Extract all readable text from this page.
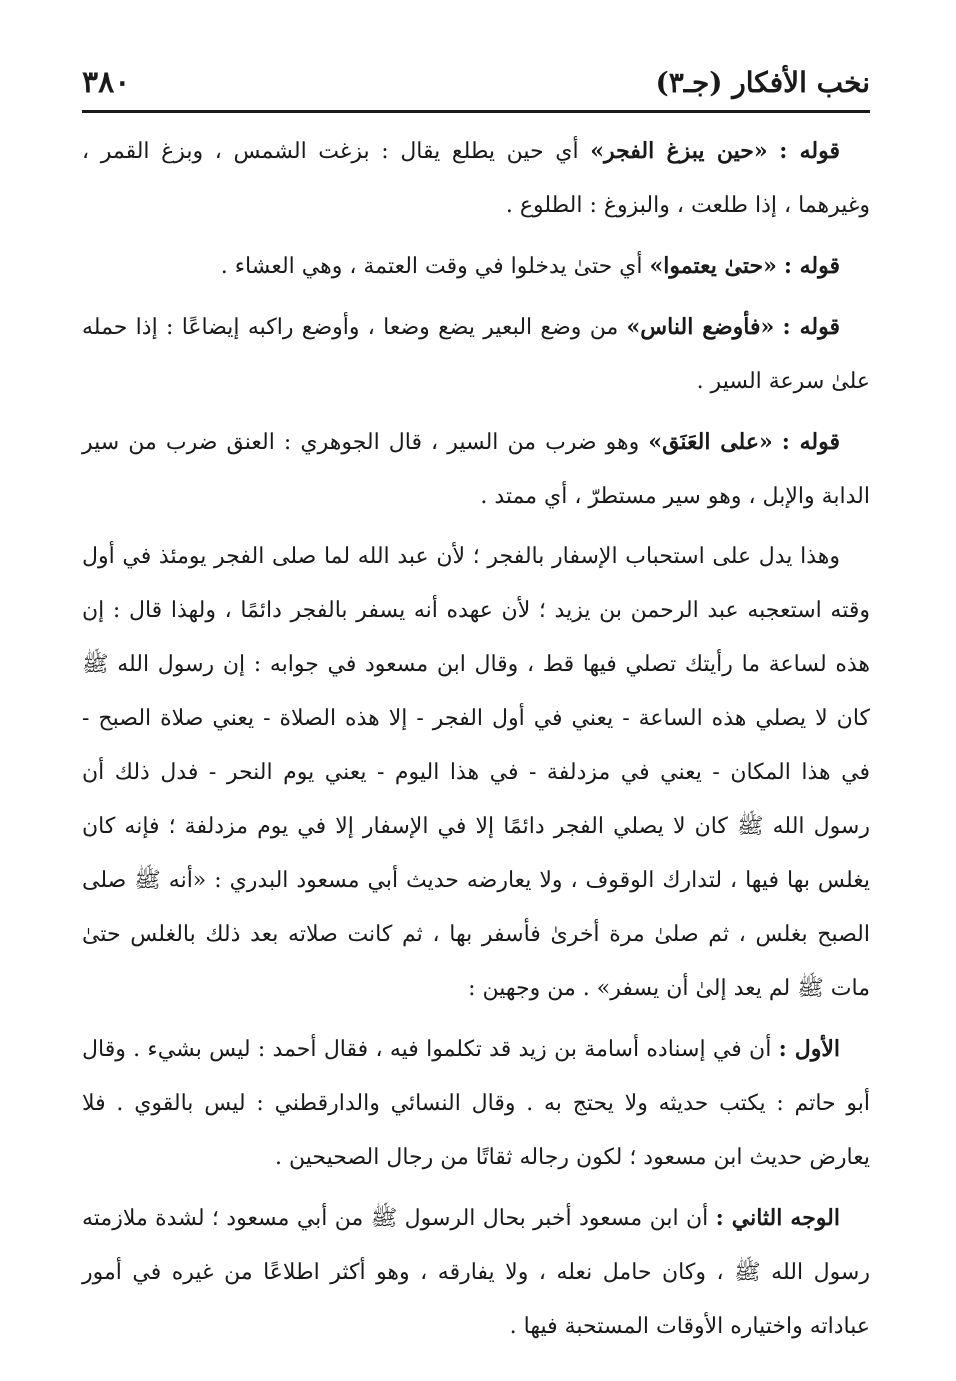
٣٨٠	نخب الأفكار (جـ٣)

قوله : «حين يبزغ الفجر» أي حين يطلع يقال : بزغت الشمس ، وبزغ القمر ، وغيرهما ، إذا طلعت ، والبزوغ : الطلوع .

قوله : «حتىٰ يعتموا» أي حتىٰ يدخلوا في وقت العتمة ، وهي العشاء .

قوله : «فأوضع الناس» من وضع البعير يضع وضعا ، وأوضع راكبه إيضاعًا : إذا حمله علىٰ سرعة السير .

قوله : «على العَنَق» وهو ضرب من السير ، قال الجوهري : العنق ضرب من سير الدابة والإبل ، وهو سير مستطرّ ، أي ممتد .

وهذا يدل على استحباب الإسفار بالفجر ؛ لأن عبد الله لما صلى الفجر يومئذ في أول وقته استعجبه عبد الرحمن بن يزيد ؛ لأن عهده أنه يسفر بالفجر دائمًا ، ولهذا قال : إن هذه لساعة ما رأيتك تصلي فيها قط ، وقال ابن مسعود في جوابه : إن رسول الله ﷺ كان لا يصلي هذه الساعة - يعني في أول الفجر - إلا هذه الصلاة - يعني صلاة الصبح - في هذا المكان - يعني في مزدلفة - في هذا اليوم - يعني يوم النحر - فدل ذلك أن رسول الله ﷺ كان لا يصلي الفجر دائمًا إلا في الإسفار إلا في يوم مزدلفة ؛ فإنه كان يغلس بها فيها ، لتدارك الوقوف ، ولا يعارضه حديث أبي مسعود البدري : «أنه ﷺ صلى الصبح بغلس ، ثم صلىٰ مرة أخرىٰ فأسفر بها ، ثم كانت صلاته بعد ذلك بالغلس حتىٰ مات ﷺ لم يعد إلىٰ أن يسفر» . من وجهين :

الأول : أن في إسناده أسامة بن زيد قد تكلموا فيه ، فقال أحمد : ليس بشيء . وقال أبو حاتم : يكتب حديثه ولا يحتج به . وقال النسائي والدارقطني : ليس بالقوي . فلا يعارض حديث ابن مسعود ؛ لكون رجاله ثقاتًا من رجال الصحيحين .

الوجه الثاني : أن ابن مسعود أخبر بحال الرسول ﷺ من أبي مسعود ؛ لشدة ملازمته رسول الله ﷺ ، وكان حامل نعله ، ولا يفارقه ، وهو أكثر اطلاعًا من غيره في أمور عباداته واختياره الأوقات المستحبة فيها .
